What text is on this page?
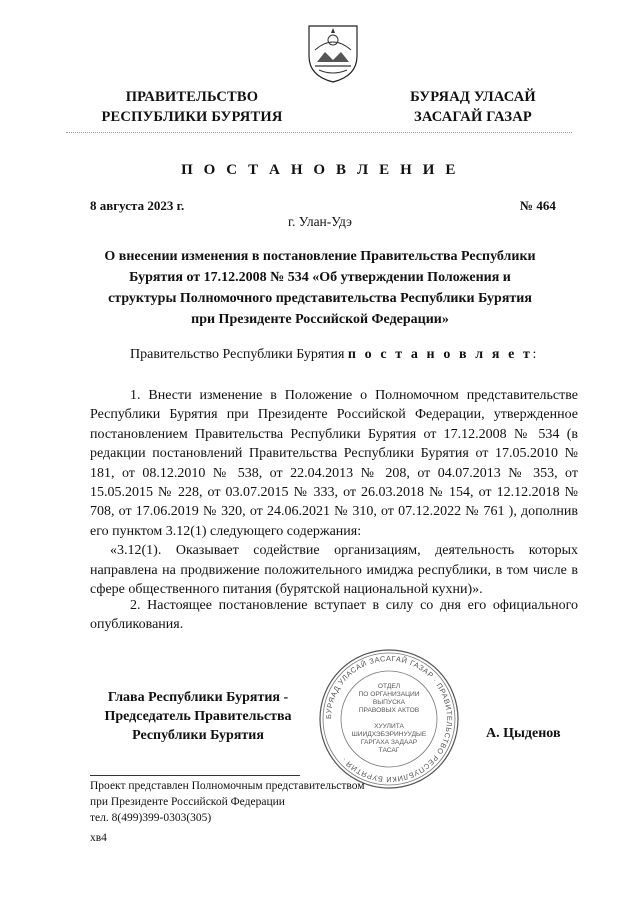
ПРАВИТЕЛЬСТВО
РЕСПУБЛИКИ БУРЯТИЯ
БУРЯАД УЛАСАЙ
ЗАСАГАЙ ГАЗАР
П О С Т А Н О В Л Е Н И Е
8 августа 2023 г.	№ 464
г. Улан-Удэ
О внесении изменения в постановление Правительства Республики
Бурятия от 17.12.2008 № 534 «Об утверждении Положения и
структуры Полномочного представительства Республики Бурятия
при Президенте Российской Федерации»
Правительство Республики Бурятия п о с т а н о в л я е т:
1. Внести изменение в Положение о Полномочном представительстве Республики Бурятия при Президенте Российской Федерации, утвержденное постановлением Правительства Республики Бурятия от 17.12.2008 № 534 (в редакции постановлений Правительства Республики Бурятия от 17.05.2010 № 181, от 08.12.2010 № 538, от 22.04.2013 № 208, от 04.07.2013 № 353, от 15.05.2015 № 228, от 03.07.2015 № 333, от 26.03.2018 № 154, от 12.12.2018 № 708, от 17.06.2019 № 320, от 24.06.2021 № 310, от 07.12.2022 № 761 ), дополнив его пунктом 3.12(1) следующего содержания:
«3.12(1). Оказывает содействие организациям, деятельность которых направлена на продвижение положительного имиджа республики, в том числе в сфере общественного питания (бурятской национальной кухни)».
2. Настоящее постановление вступает в силу со дня его официального опубликования.
БУРЯАД УЛАСАЙ ЗАСАГАЙ ГАЗАР · ПРАВИТЕЛЬСТВО РЕСПУБЛИКИ БУРЯТИЯ ·
ОТДЕЛ
ПО ОРГАНИЗАЦИИ
ВЫПУСКА
ПРАВОВЫХ АКТОВ
ХУУЛИТА
ШИИДХЭБЭРИНУУДЫЕ
ГАРГАХА ЗАДААР
ТАСАГ
Глава Республики Бурятия -
Председатель Правительства
Республики Бурятия	А. Цыденов
Проект представлен Полномочным представительством
при Президенте Российской Федерации
тел. 8(499)399-0303(305)
хв4
